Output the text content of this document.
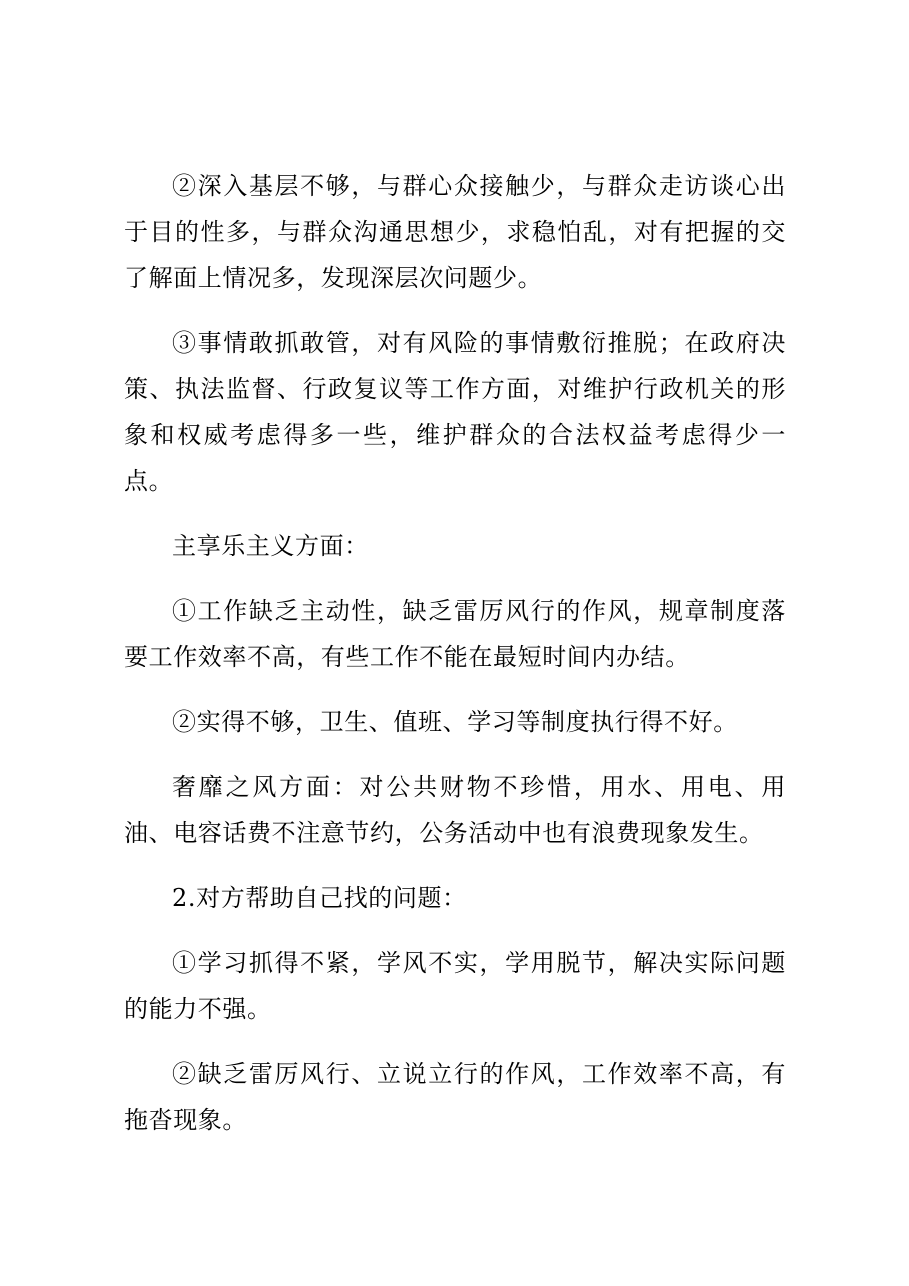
②深入基层不够，与群心众接触少，与群众走访谈心出于目的性多，与群众沟通思想少，求稳怕乱，对有把握的交了解面上情况多，发现深层次问题少。

③事情敢抓敢管，对有风险的事情敷衍推脱；在政府决策、执法监督、行政复议等工作方面，对维护行政机关的形象和权威考虑得多一些，维护群众的合法权益考虑得少一点。

主享乐主义方面：

①工作缺乏主动性，缺乏雷厉风行的作风，规章制度落要工作效率不高，有些工作不能在最短时间内办结。

②实得不够，卫生、值班、学习等制度执行得不好。

奢靡之风方面：对公共财物不珍惜，用水、用电、用油、电容话费不注意节约，公务活动中也有浪费现象发生。

2.对方帮助自己找的问题：

①学习抓得不紧，学风不实，学用脱节，解决实际问题的能力不强。

②缺乏雷厉风行、立说立行的作风，工作效率不高，有拖沓现象。
